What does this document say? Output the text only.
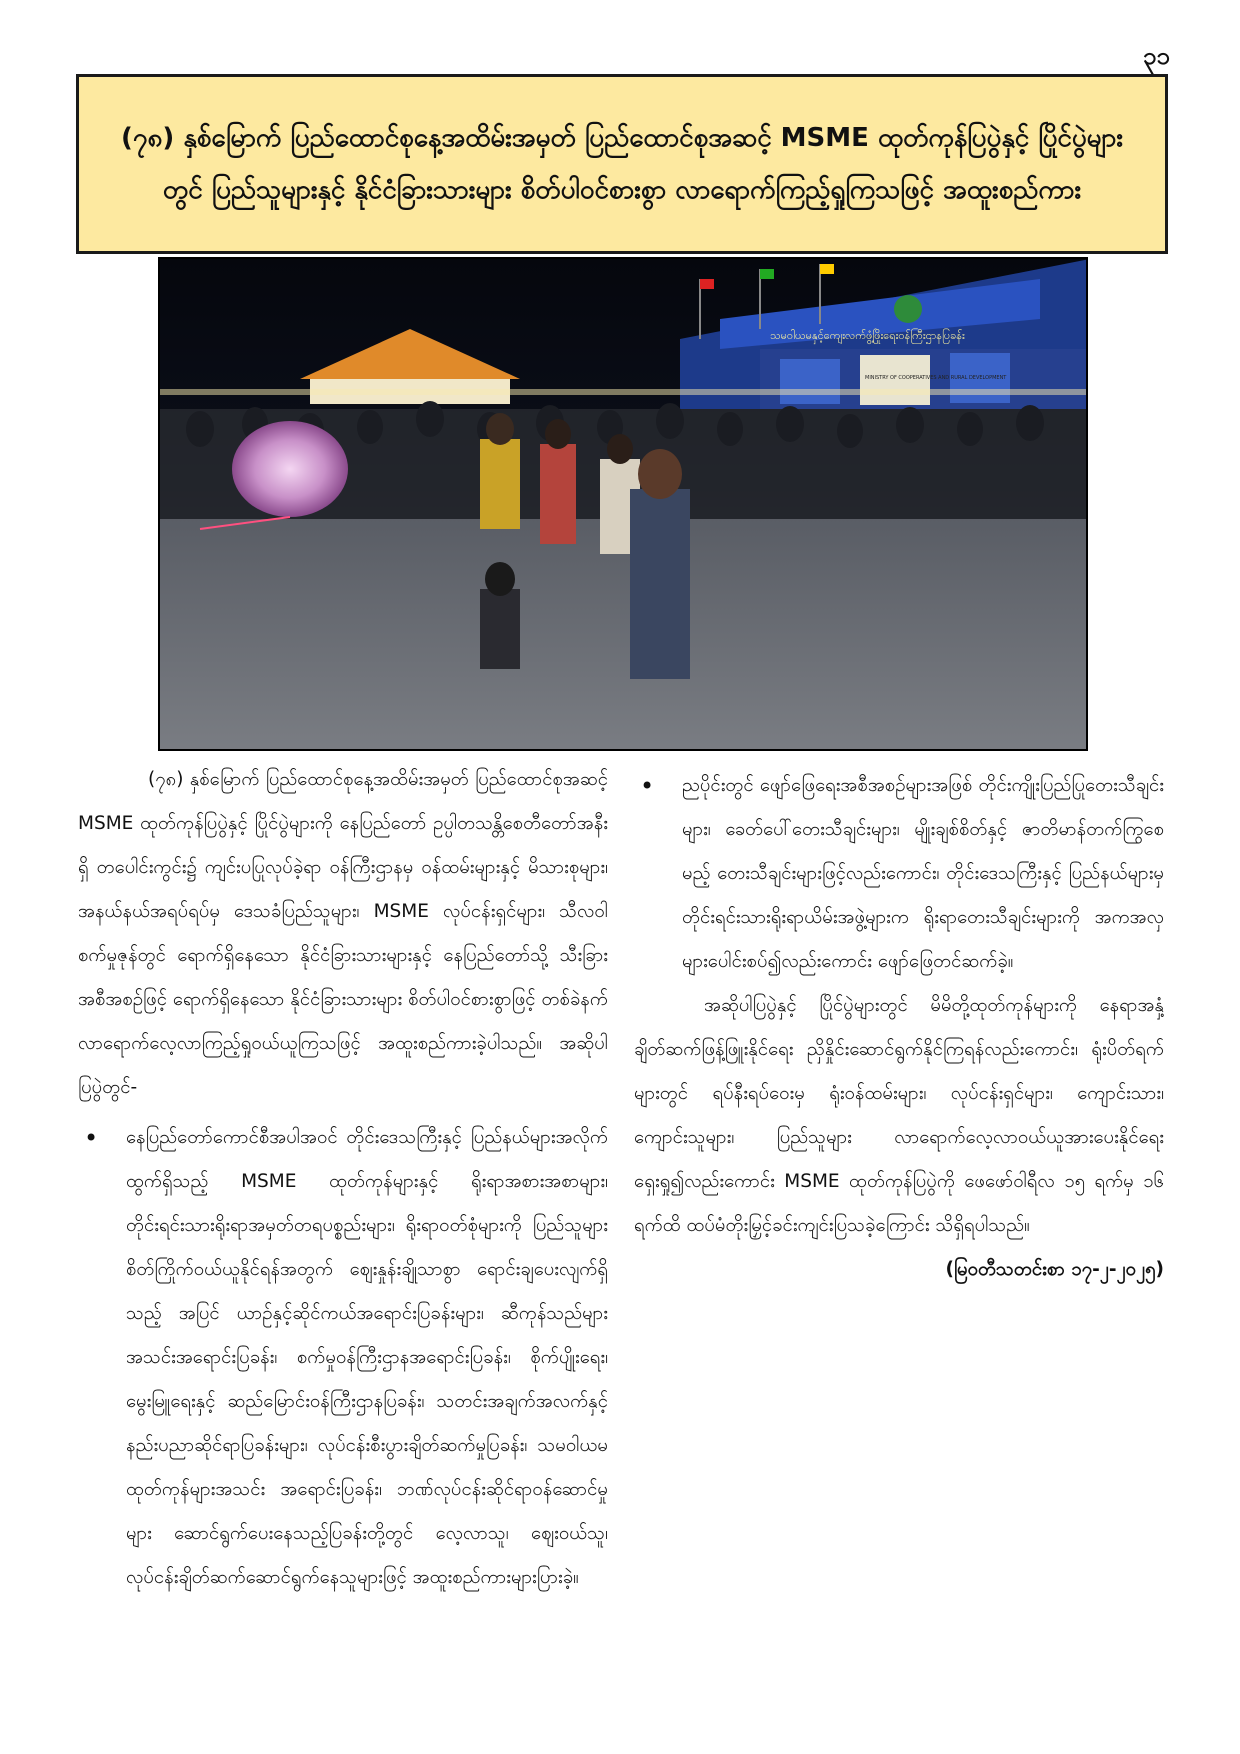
၃၁
(၇၈) နှစ်မြောက် ပြည်ထောင်စုနေ့အထိမ်းအမှတ် ပြည်ထောင်စုအဆင့် MSME ထုတ်ကုန်ပြပွဲနှင့် ပြိုင်ပွဲများတွင် ပြည်သူများနှင့် နိုင်ငံခြားသားများ စိတ်ပါဝင်စားစွာ လာရောက်ကြည့်ရှုကြသဖြင့် အထူးစည်ကား
သမဝါယမနှင့်ကျေးလက်ဖွံ့ဖြိုးရေးဝန်ကြီးဌာနပြခန်း
MINISTRY OF COOPERATIVES AND RURAL DEVELOPMENT

(၇၈) နှစ်မြောက် ပြည်ထောင်စုနေ့အထိမ်းအမှတ် ပြည်ထောင်စုအဆင့် MSME ထုတ်ကုန်ပြပွဲနှင့် ပြိုင်ပွဲများကို နေပြည်တော် ဥပ္ပါတသန္တိစေတီတော်အနီးရှိ တပေါင်းကွင်း၌ ကျင်းပပြုလုပ်ခဲ့ရာ ဝန်ကြီးဌာနမှ ဝန်ထမ်းများနှင့် မိသားစုများ၊ အနယ်နယ်အရပ်ရပ်မှ ဒေသခံပြည်သူများ၊ MSME လုပ်ငန်းရှင်များ၊ သီလဝါစက်မှုဇုန်တွင် ရောက်ရှိနေသော နိုင်ငံခြားသားများနှင့် နေပြည်တော်သို့ သီးခြားအစီအစဉ်ဖြင့် ရောက်ရှိနေသော နိုင်ငံခြားသားများ စိတ်ပါဝင်စားစွာဖြင့် တစ်ခဲနက်လာရောက်လေ့လာကြည့်ရှုဝယ်ယူကြသဖြင့် အထူးစည်ကားခဲ့ပါသည်။ အဆိုပါပြပွဲတွင်-

•	နေပြည်တော်ကောင်စီအပါအဝင် တိုင်းဒေသကြီးနှင့် ပြည်နယ်များအလိုက်ထွက်ရှိသည့် MSME ထုတ်ကုန်များနှင့် ရိုးရာအစားအစာများ၊ တိုင်းရင်းသားရိုးရာအမှတ်တရပစ္စည်းများ၊ ရိုးရာဝတ်စုံများကို ပြည်သူများ စိတ်ကြိုက်ဝယ်ယူနိုင်ရန်အတွက် ဈေးနှုန်းချိုသာစွာ ရောင်းချပေးလျက်ရှိသည့် အပြင် ယာဉ်နှင့်ဆိုင်ကယ်အရောင်းပြခန်းများ၊ ဆီကုန်သည်များအသင်းအရောင်းပြခန်း၊ စက်မှုဝန်ကြီးဌာနအရောင်းပြခန်း၊ စိုက်ပျိုးရေး၊ မွေးမြူရေးနှင့် ဆည်မြောင်းဝန်ကြီးဌာနပြခန်း၊ သတင်းအချက်အလက်နှင့် နည်းပညာဆိုင်ရာပြခန်းများ၊ လုပ်ငန်းစီးပွားချိတ်ဆက်မှုပြခန်း၊ သမဝါယမထုတ်ကုန်များအသင်း အရောင်းပြခန်း၊ ဘဏ်လုပ်ငန်းဆိုင်ရာဝန်ဆောင်မှုများ ဆောင်ရွက်ပေးနေသည့်ပြခန်းတို့တွင် လေ့လာသူ၊ ဈေးဝယ်သူ၊ လုပ်ငန်းချိတ်ဆက်ဆောင်ရွက်နေသူများဖြင့် အထူးစည်ကားများပြားခဲ့။
•	ညပိုင်းတွင် ဖျော်ဖြေရေးအစီအစဉ်များအဖြစ် တိုင်းကျိုးပြည်ပြုတေးသီချင်းများ၊ ခေတ်ပေါ်တေးသီချင်းများ၊ မျိုးချစ်စိတ်နှင့် ဇာတိမာန်တက်ကြွစေမည့် တေးသီချင်းများဖြင့်လည်းကောင်း၊ တိုင်းဒေသကြီးနှင့် ပြည်နယ်များမှ တိုင်းရင်းသားရိုးရာယိမ်းအဖွဲ့များက ရိုးရာတေးသီချင်းများကို အကအလှများပေါင်းစပ်၍လည်းကောင်း ဖျော်ဖြေတင်ဆက်ခဲ့။

အဆိုပါပြပွဲနှင့် ပြိုင်ပွဲများတွင် မိမိတို့ထုတ်ကုန်များကို နေရာအနှံ့ချိတ်ဆက်ဖြန့်ဖြူးနိုင်ရေး ညှိနှိုင်းဆောင်ရွက်နိုင်ကြရန်လည်းကောင်း၊ ရုံးပိတ်ရက်များတွင် ရပ်နီးရပ်ဝေးမှ ရုံးဝန်ထမ်းများ၊ လုပ်ငန်းရှင်များ၊ ကျောင်းသား၊ ကျောင်းသူများ၊ ပြည်သူများ လာရောက်လေ့လာဝယ်ယူအားပေးနိုင်ရေး ရှေးရှု၍လည်းကောင်း MSME ထုတ်ကုန်ပြပွဲကို ဖေဖော်ဝါရီလ ၁၅ ရက်မှ ၁၆ ရက်ထိ ထပ်မံတိုးမြှင့်ခင်းကျင်းပြသခဲ့ကြောင်း သိရှိရပါသည်။

(မြဝတီသတင်းစာ ၁၇-၂-၂၀၂၅)
